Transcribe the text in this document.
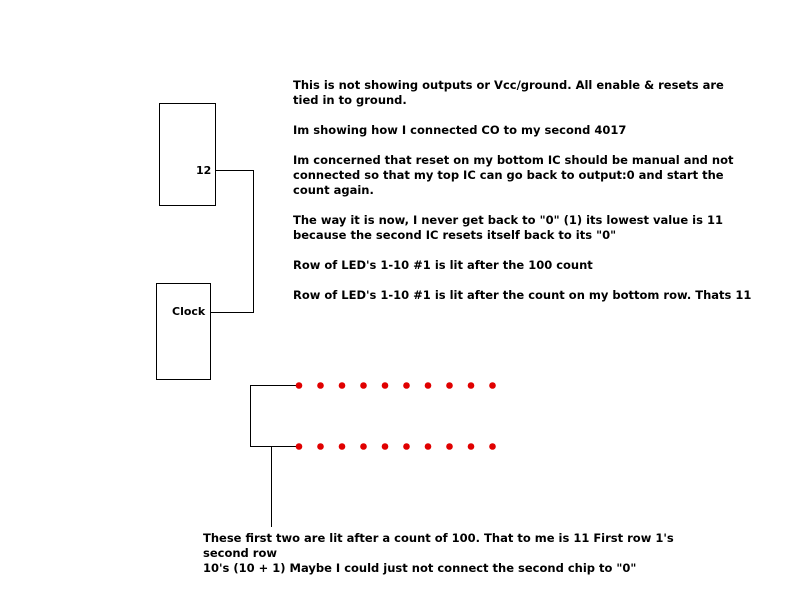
12
Clock

This is not showing outputs or Vcc/ground. All enable & resets are tied in to ground.

Im showing how I connected CO to my second 4017

Im concerned that reset on my bottom IC should be manual and not connected so that my top IC can go back to output:0 and start the count again.

The way it is now, I never get back to "0" (1) its lowest value is 11 because the second IC resets itself back to its "0"

Row of LED's 1-10 #1 is lit after the 100 count

Row of LED's 1-10 #1 is lit after the count on my bottom row. Thats 11

These first two are lit after a count of 100. That to me is 11 First row 1's second row

10's (10 + 1) Maybe I could just not connect the second chip to "0"
